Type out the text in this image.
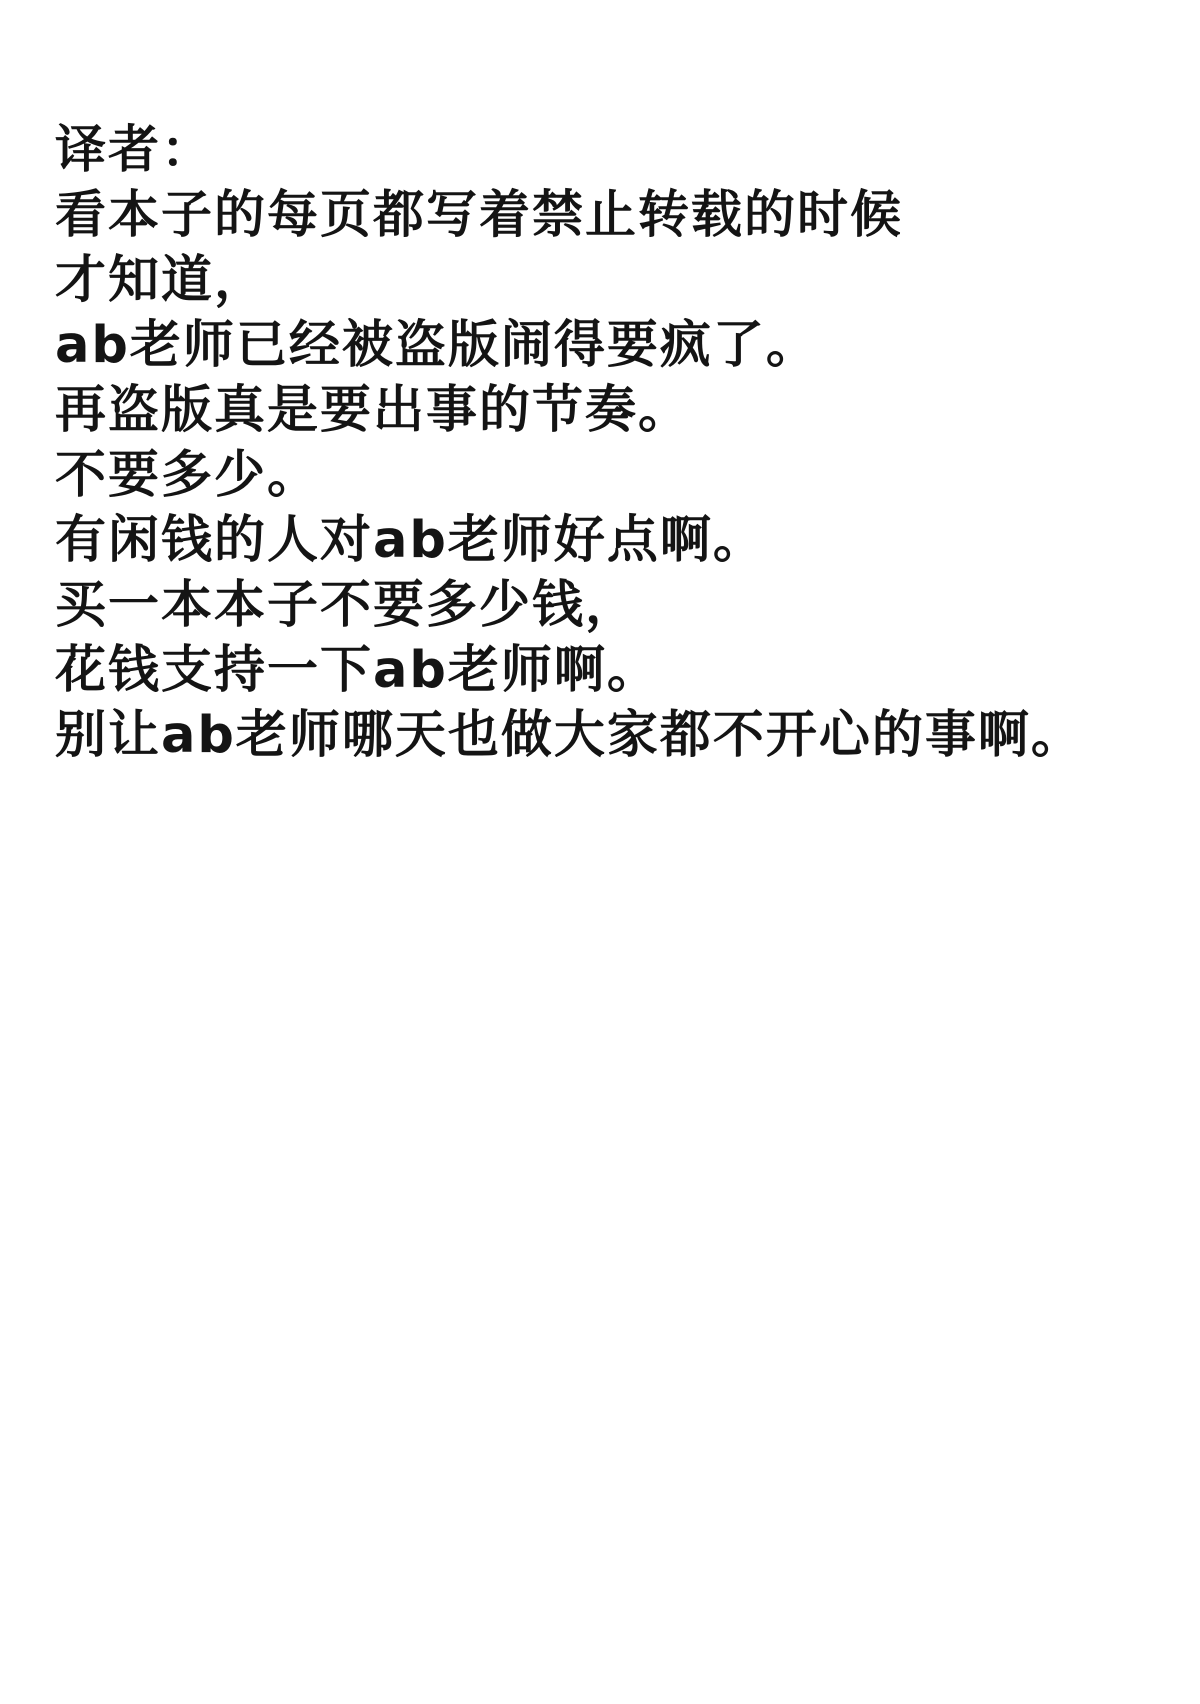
译者：
看本子的每页都写着禁止转载的时候
才知道，
ab老师已经被盗版闹得要疯了。
再盗版真是要出事的节奏。
不要多少。
有闲钱的人对ab老师好点啊。
买一本本子不要多少钱，
花钱支持一下ab老师啊。
别让ab老师哪天也做大家都不开心的事啊。
